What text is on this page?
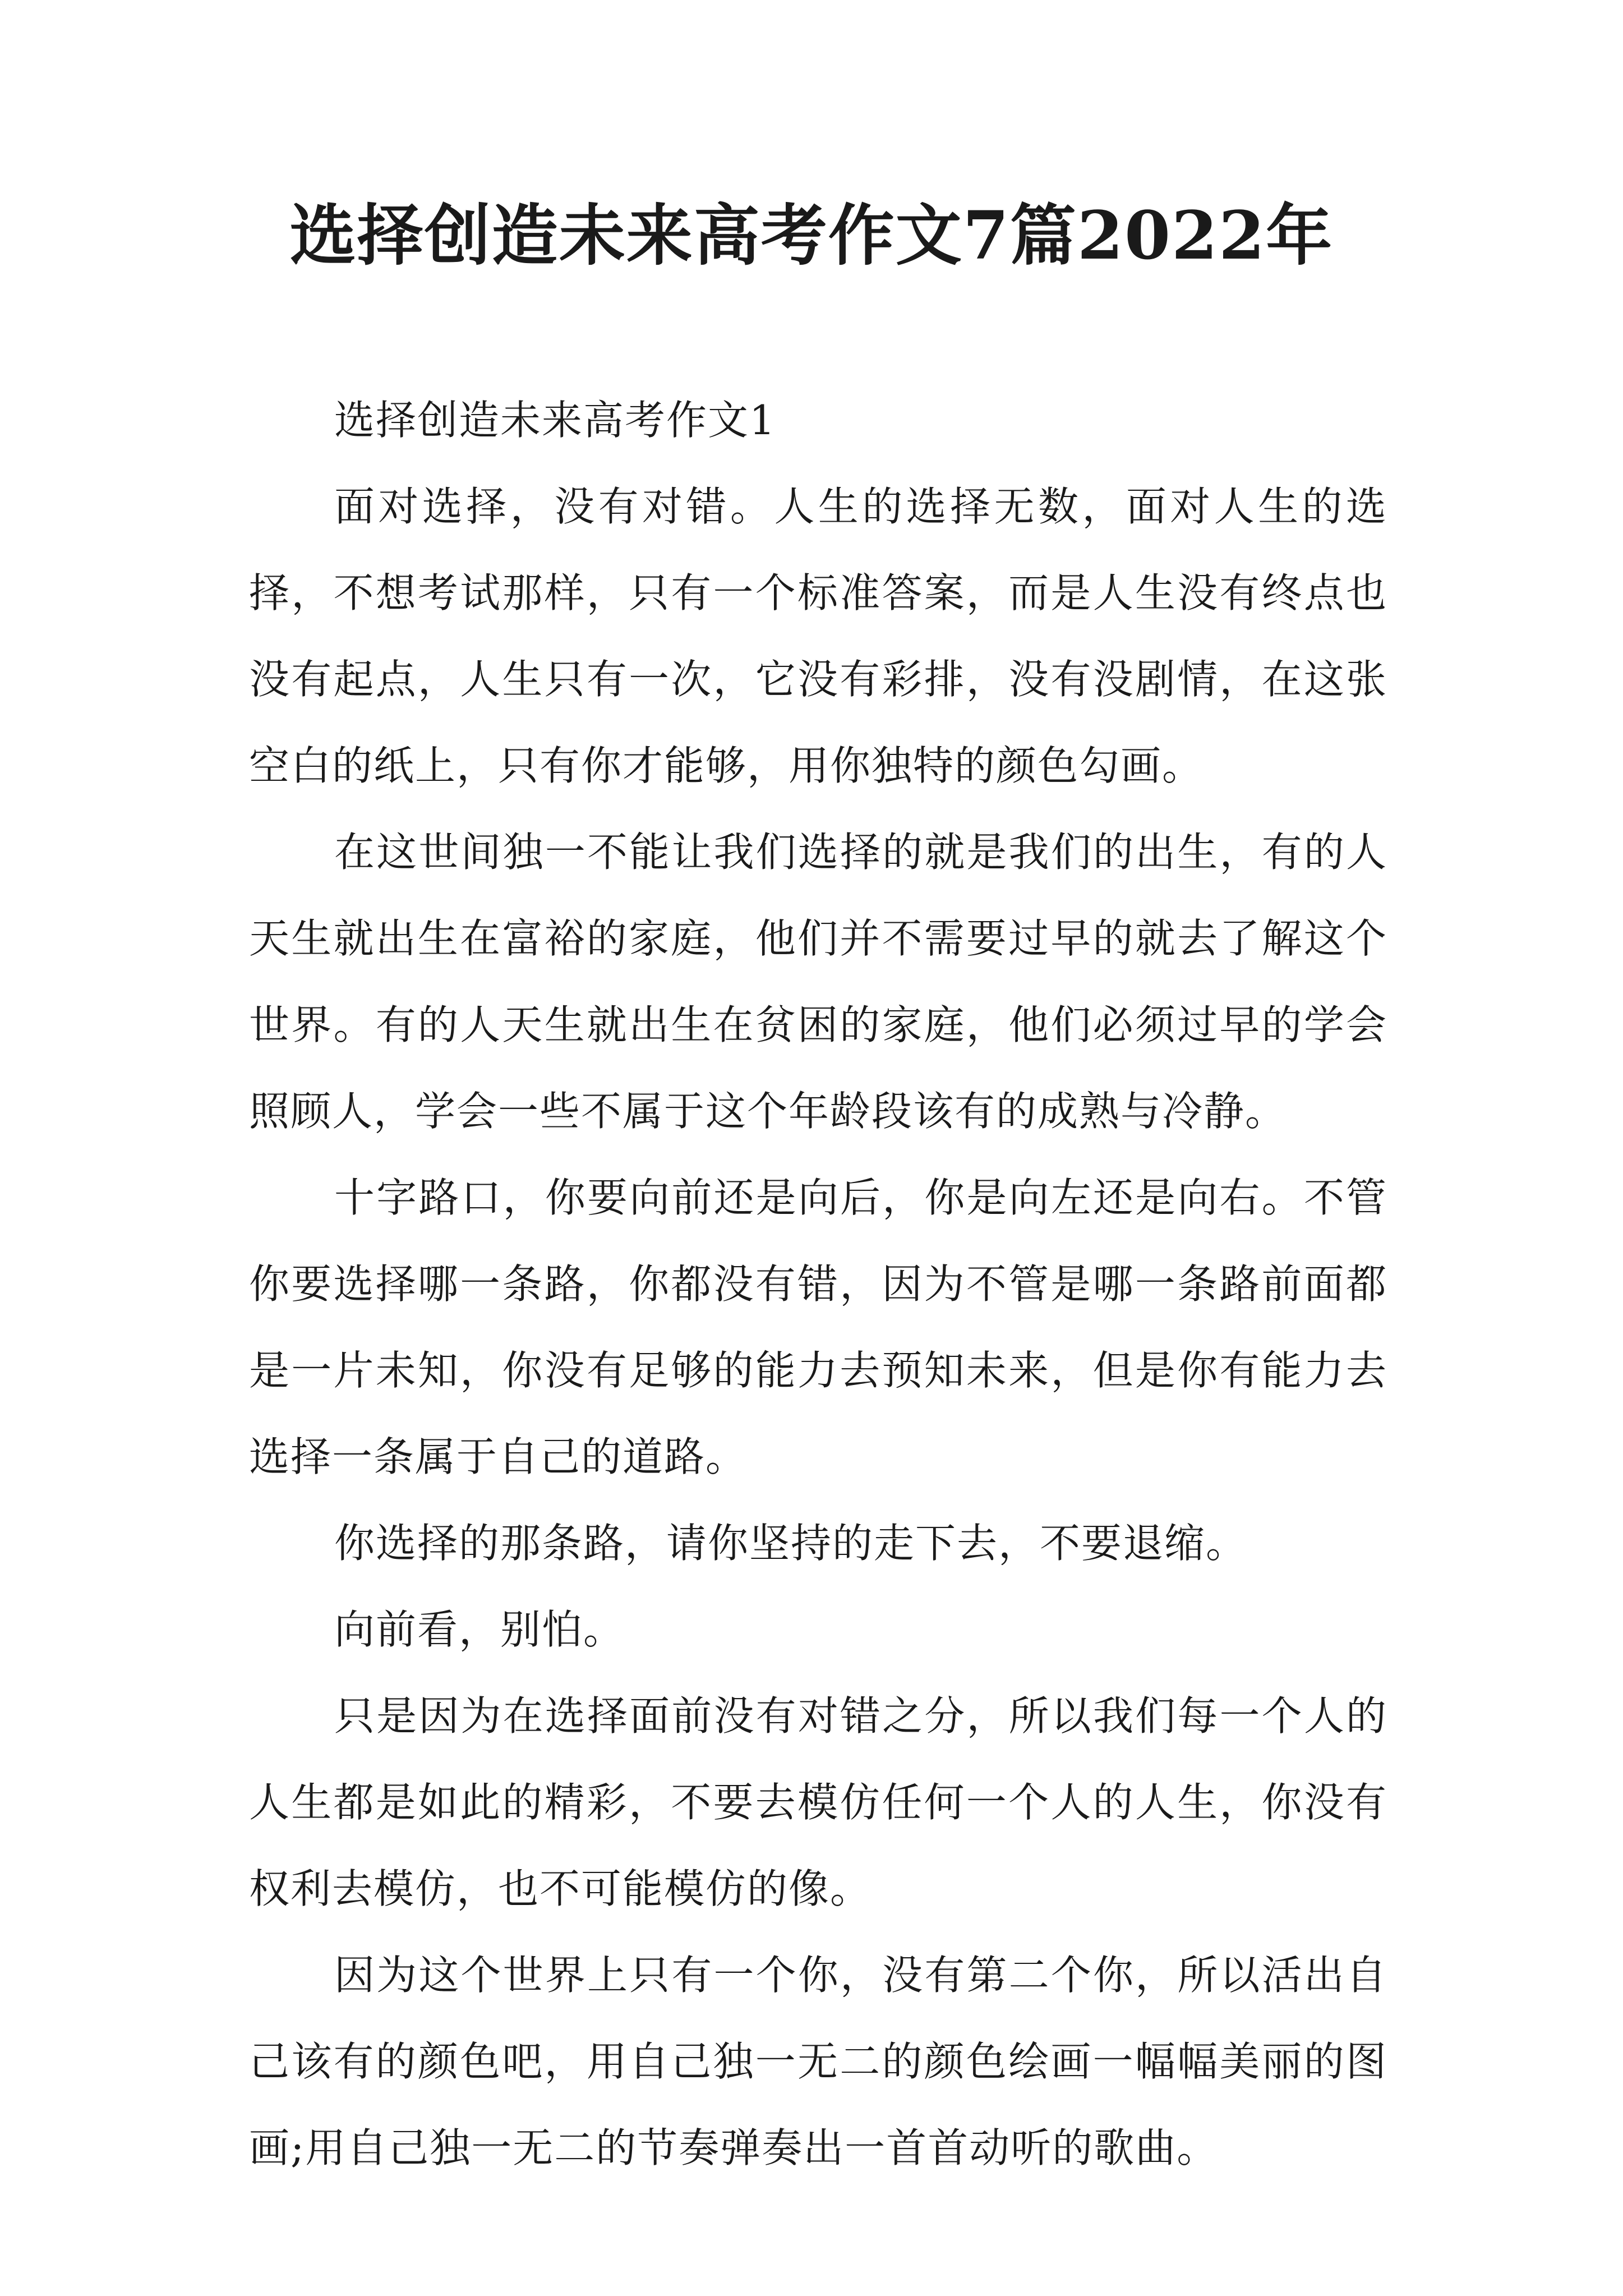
选择创造未来高考作文7篇2022年

选择创造未来高考作文1

面对选择，没有对错。人生的选择无数，面对人生的选择，不想考试那样，只有一个标准答案，而是人生没有终点也没有起点，人生只有一次，它没有彩排，没有没剧情，在这张空白的纸上，只有你才能够，用你独特的颜色勾画。

在这世间独一不能让我们选择的就是我们的出生，有的人天生就出生在富裕的家庭，他们并不需要过早的就去了解这个世界。有的人天生就出生在贫困的家庭，他们必须过早的学会照顾人，学会一些不属于这个年龄段该有的成熟与冷静。

十字路口，你要向前还是向后，你是向左还是向右。不管你要选择哪一条路，你都没有错，因为不管是哪一条路前面都是一片未知，你没有足够的能力去预知未来，但是你有能力去选择一条属于自己的道路。

你选择的那条路，请你坚持的走下去，不要退缩。

向前看，别怕。

只是因为在选择面前没有对错之分，所以我们每一个人的人生都是如此的精彩，不要去模仿任何一个人的人生，你没有权利去模仿，也不可能模仿的像。

因为这个世界上只有一个你，没有第二个你，所以活出自己该有的颜色吧，用自己独一无二的颜色绘画一幅幅美丽的图画;用自己独一无二的节奏弹奏出一首首动听的歌曲。
